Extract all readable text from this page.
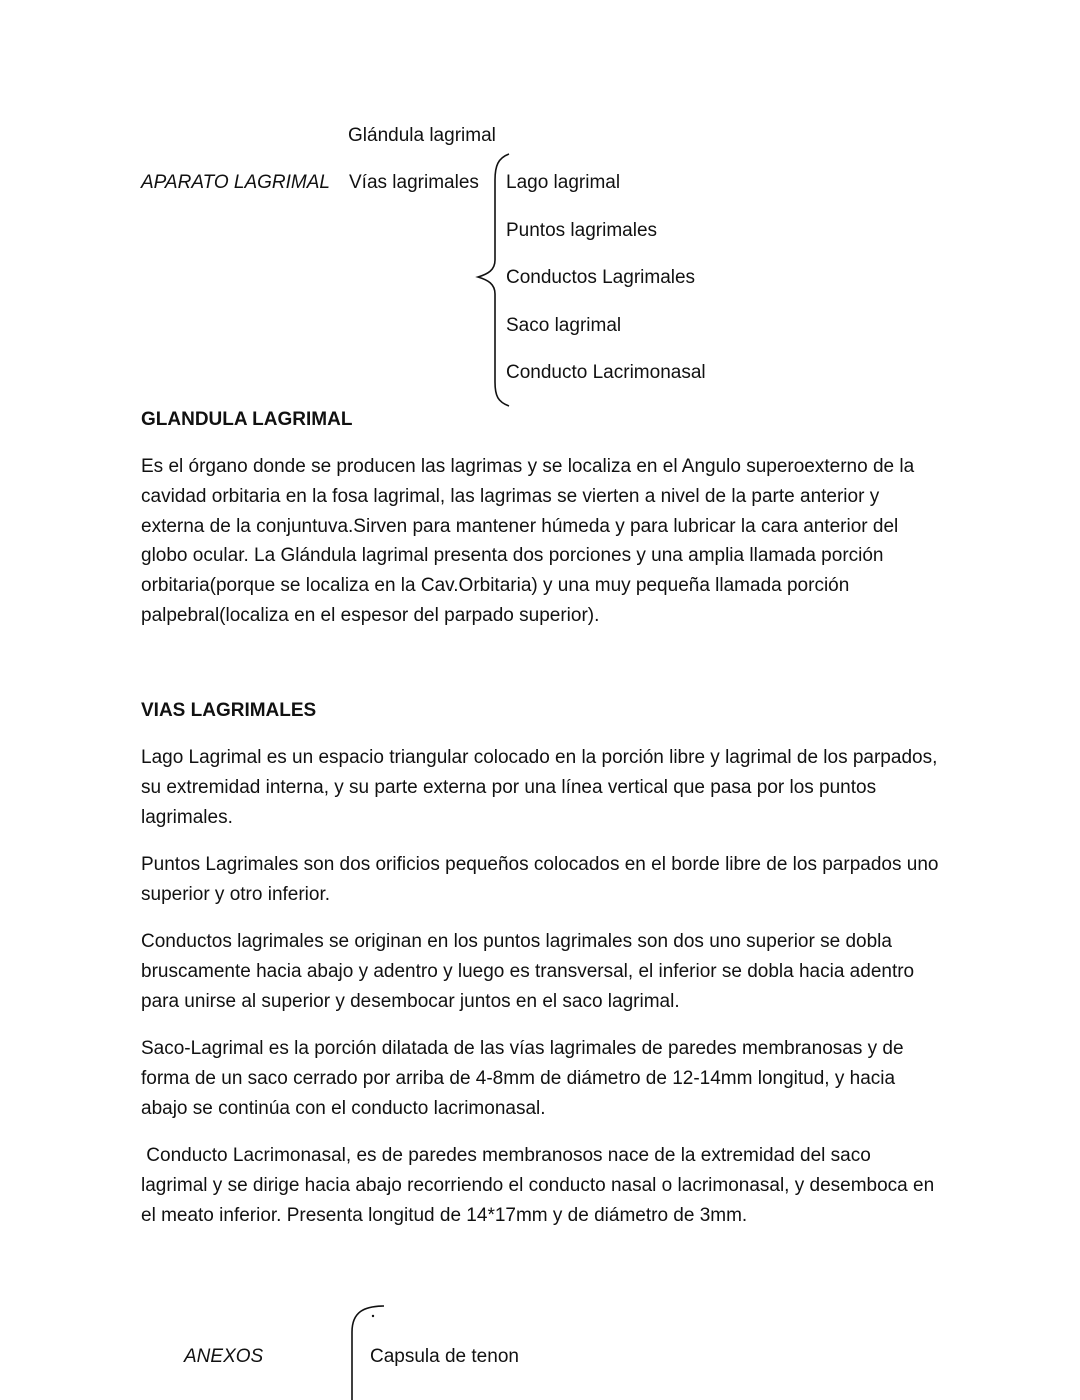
Glándula lagrimal
APARATO LAGRIMAL Vías lagrimales Lago lagrimal
Puntos lagrimales
Conductos Lagrimales
Saco lagrimal
Conducto Lacrimonasal
GLANDULA LAGRIMAL

Es el órgano donde se producen las lagrimas y se localiza en el Angulo superoexterno de la cavidad orbitaria en la fosa lagrimal, las lagrimas se vierten a nivel de la parte anterior y externa de la conjuntuva.Sirven para mantener húmeda y para lubricar la cara anterior del globo ocular. La Glándula lagrimal presenta dos porciones y una amplia llamada porción orbitaria(porque se localiza en la Cav.Orbitaria) y una muy pequeña llamada porción palpebral(localiza en el espesor del parpado superior).

VIAS LAGRIMALES

Lago Lagrimal es un espacio triangular colocado en la porción libre y lagrimal de los parpados, su extremidad interna, y su parte externa por una línea vertical que pasa por los puntos lagrimales.

Puntos Lagrimales son dos orificios pequeños colocados en el borde libre de los parpados uno superior y otro inferior.

Conductos lagrimales se originan en los puntos lagrimales son dos uno superior se dobla bruscamente hacia abajo y adentro y luego es transversal, el inferior se dobla hacia adentro para unirse al superior y desembocar juntos en el saco lagrimal.

Saco-Lagrimal es la porción dilatada de las vías lagrimales de paredes membranosas y de forma de un saco cerrado por arriba de 4-8mm de diámetro de 12-14mm longitud, y hacia abajo se continúa con el conducto lacrimonasal.

Conducto Lacrimonasal, es de paredes membranosos nace de la extremidad del saco lagrimal y se dirige hacia abajo recorriendo el conducto nasal o lacrimonasal, y desemboca en el meato inferior. Presenta longitud de 14*17mm y de diámetro de 3mm.

ANEXOS	Capsula de tenon
